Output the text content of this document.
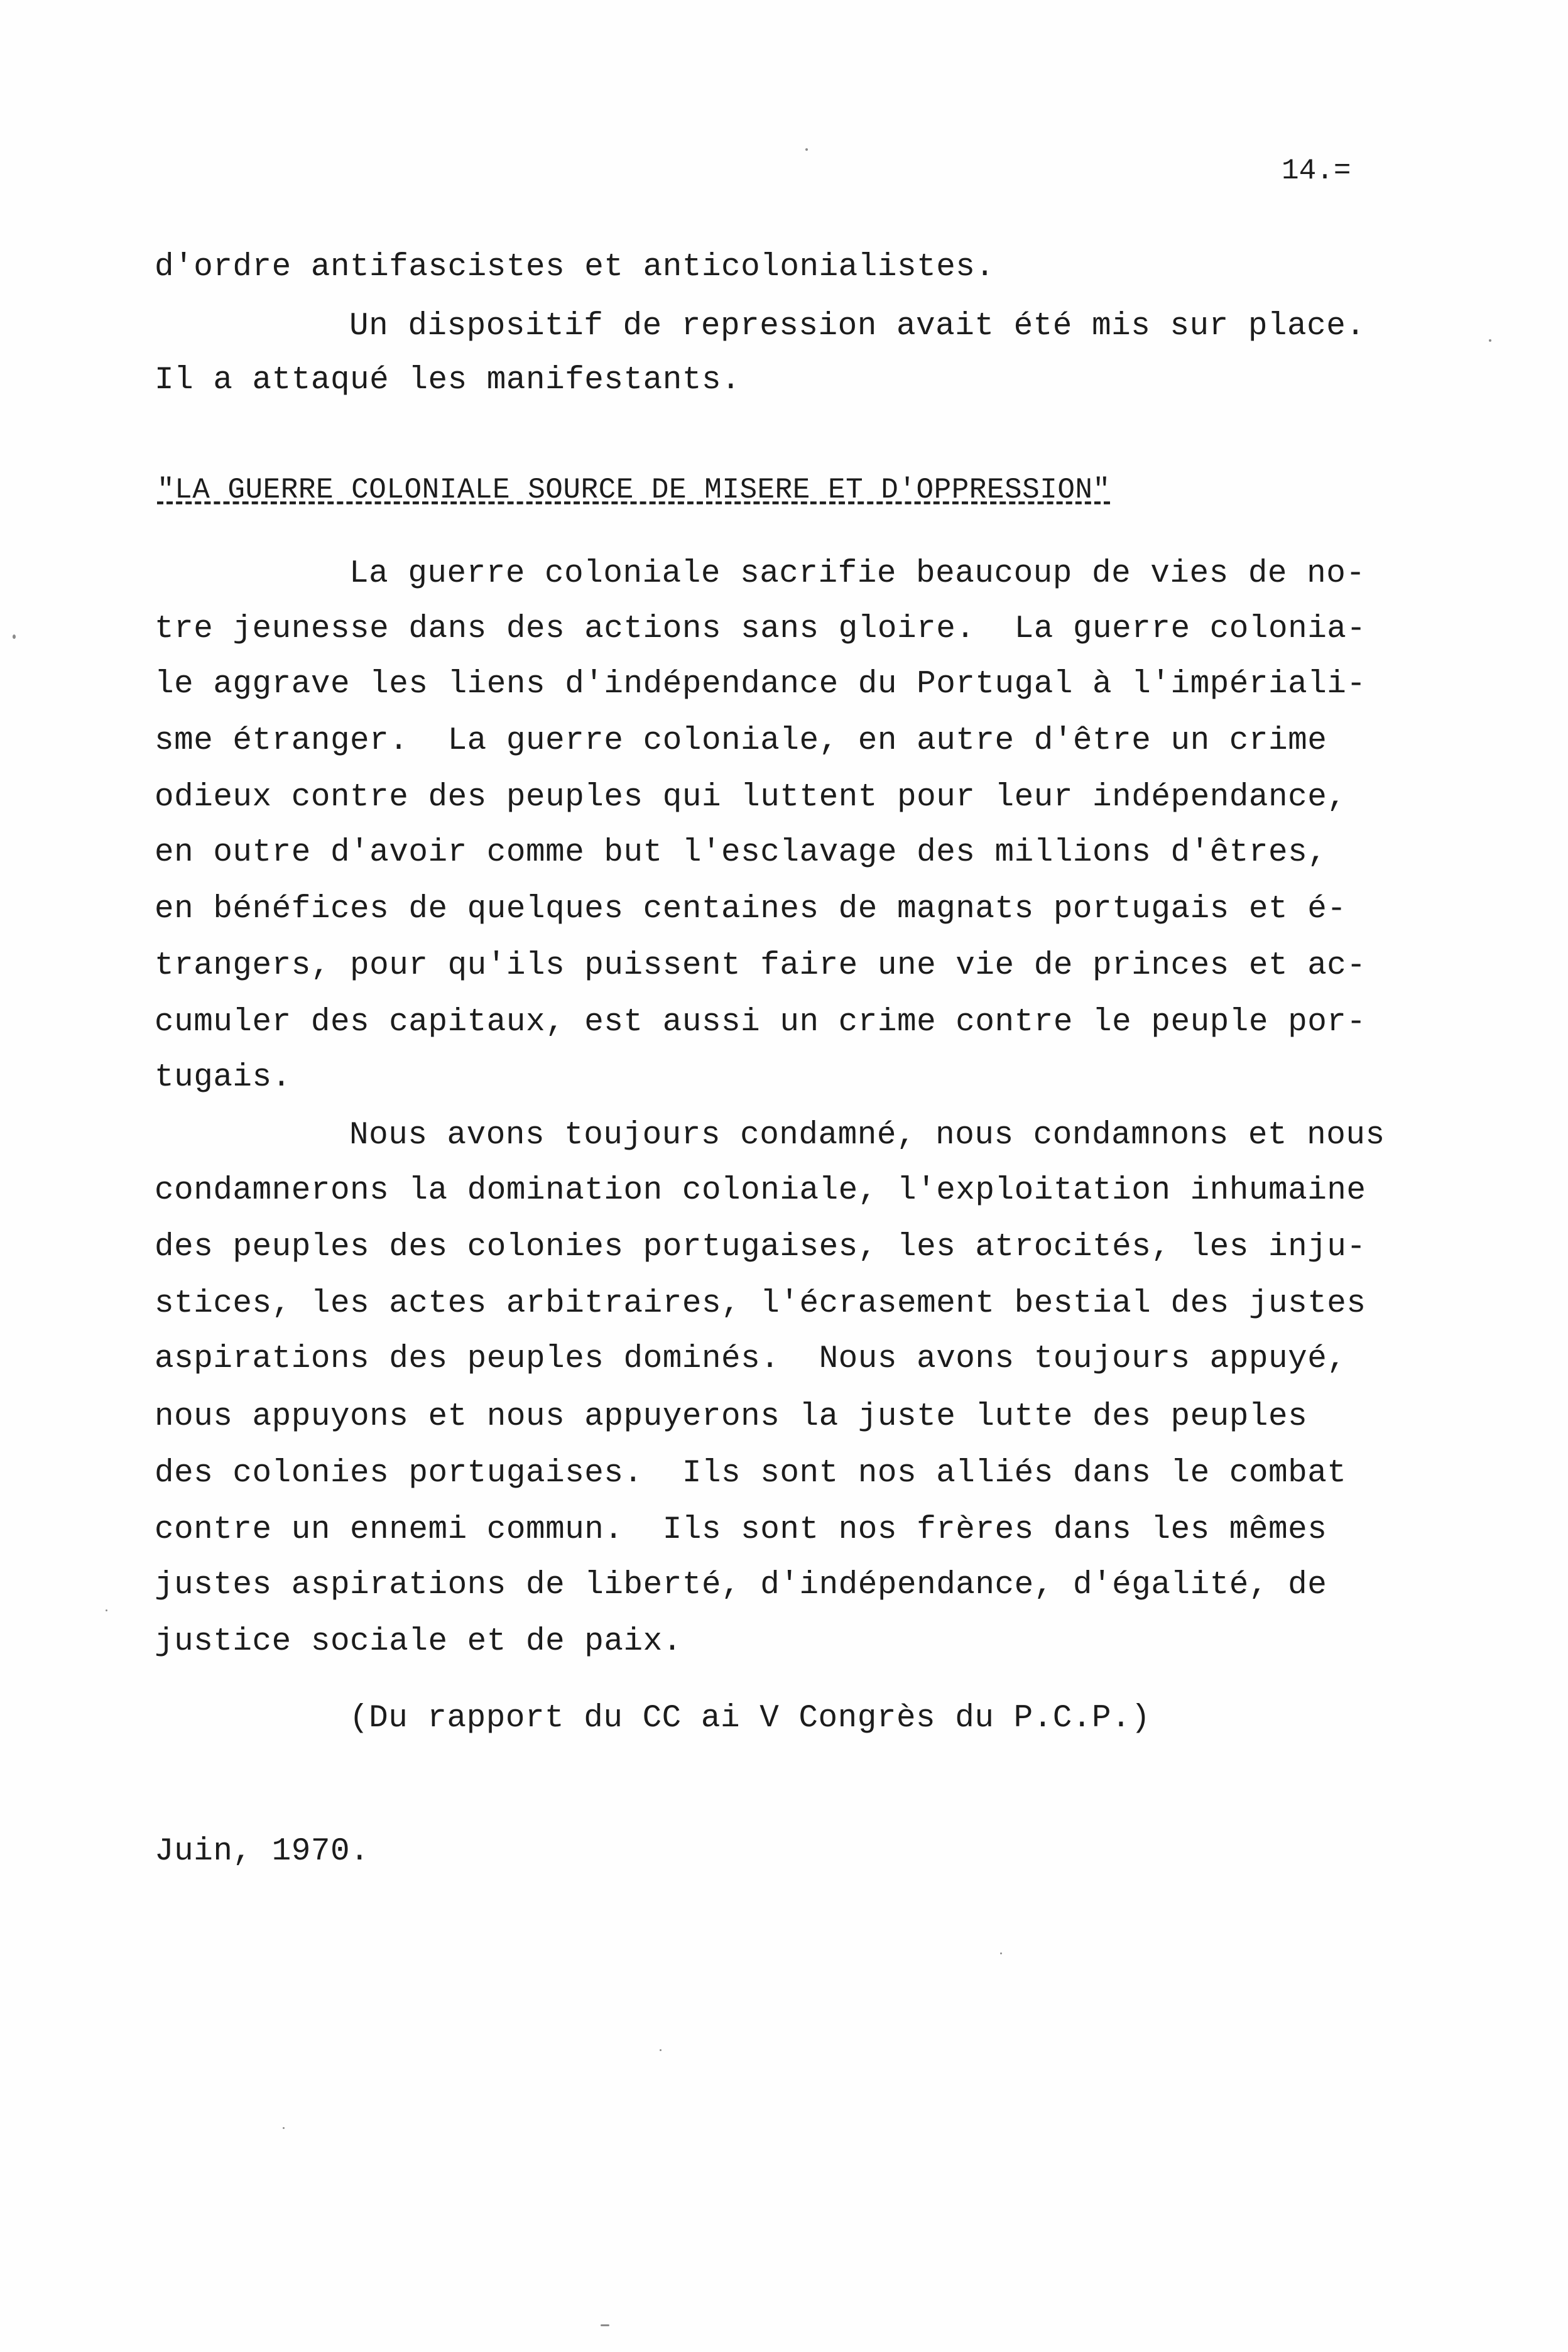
14.=
d'ordre antifascistes et anticolonialistes.
Un dispositif de repression avait été mis sur place.
Il a attaqué les manifestants.
"LA GUERRE COLONIALE SOURCE DE MISERE ET D'OPPRESSION"
La guerre coloniale sacrifie beaucoup de vies de no-
tre jeunesse dans des actions sans gloire.  La guerre colonia-
le aggrave les liens d'indépendance du Portugal à l'impériali-
sme étranger.  La guerre coloniale, en autre d'être un crime
odieux contre des peuples qui luttent pour leur indépendance,
en outre d'avoir comme but l'esclavage des millions d'êtres,
en bénéfices de quelques centaines de magnats portugais et é-
trangers, pour qu'ils puissent faire une vie de princes et ac-
cumuler des capitaux, est aussi un crime contre le peuple por-
tugais.
Nous avons toujours condamné, nous condamnons et nous
condamnerons la domination coloniale, l'exploitation inhumaine
des peuples des colonies portugaises, les atrocités, les inju-
stices, les actes arbitraires, l'écrasement bestial des justes
aspirations des peuples dominés.  Nous avons toujours appuyé,
nous appuyons et nous appuyerons la juste lutte des peuples
des colonies portugaises.  Ils sont nos alliés dans le combat
contre un ennemi commun.  Ils sont nos frères dans les mêmes
justes aspirations de liberté, d'indépendance, d'égalité, de
justice sociale et de paix.
(Du rapport du CC ai V Congrès du P.C.P.)
Juin, 1970.
